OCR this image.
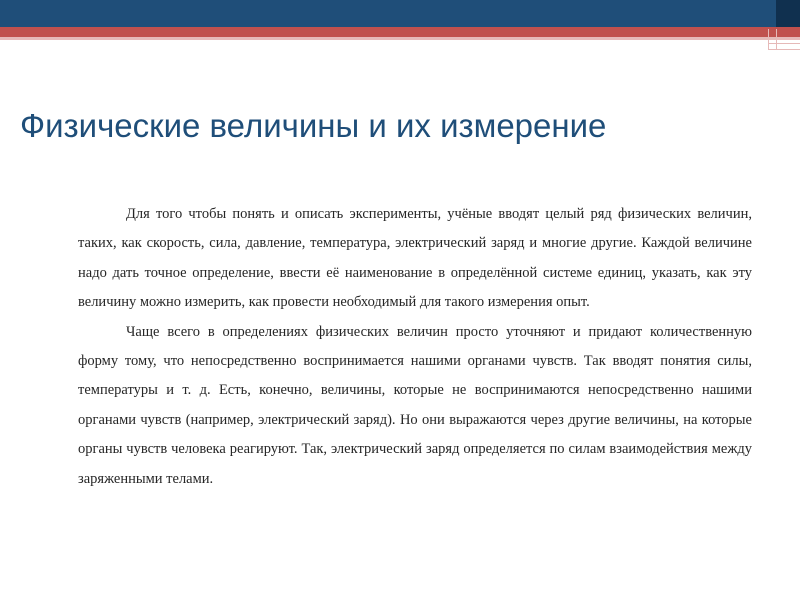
Физические величины и их измерение

Для того чтобы понять и описать эксперименты, учёные вводят целый ряд физических величин, таких, как скорость, сила, давление, температура, электрический заряд и многие другие. Каждой величине надо дать точное определение, ввести её наименование в определённой системе единиц, указать, как эту величину можно измерить, как провести необходимый для такого измерения опыт.

Чаще всего в определениях физических величин просто уточняют и придают количественную форму тому, что непосредственно воспринимается нашими органами чувств. Так вводят понятия силы, температуры и т. д. Есть, конечно, величины, которые не воспринимаются непосредственно нашими органами чувств (например, электрический заряд). Но они выражаются через другие величины, на которые органы чувств человека реагируют. Так, электрический заряд определяется по силам взаимодействия между заряженными телами.
